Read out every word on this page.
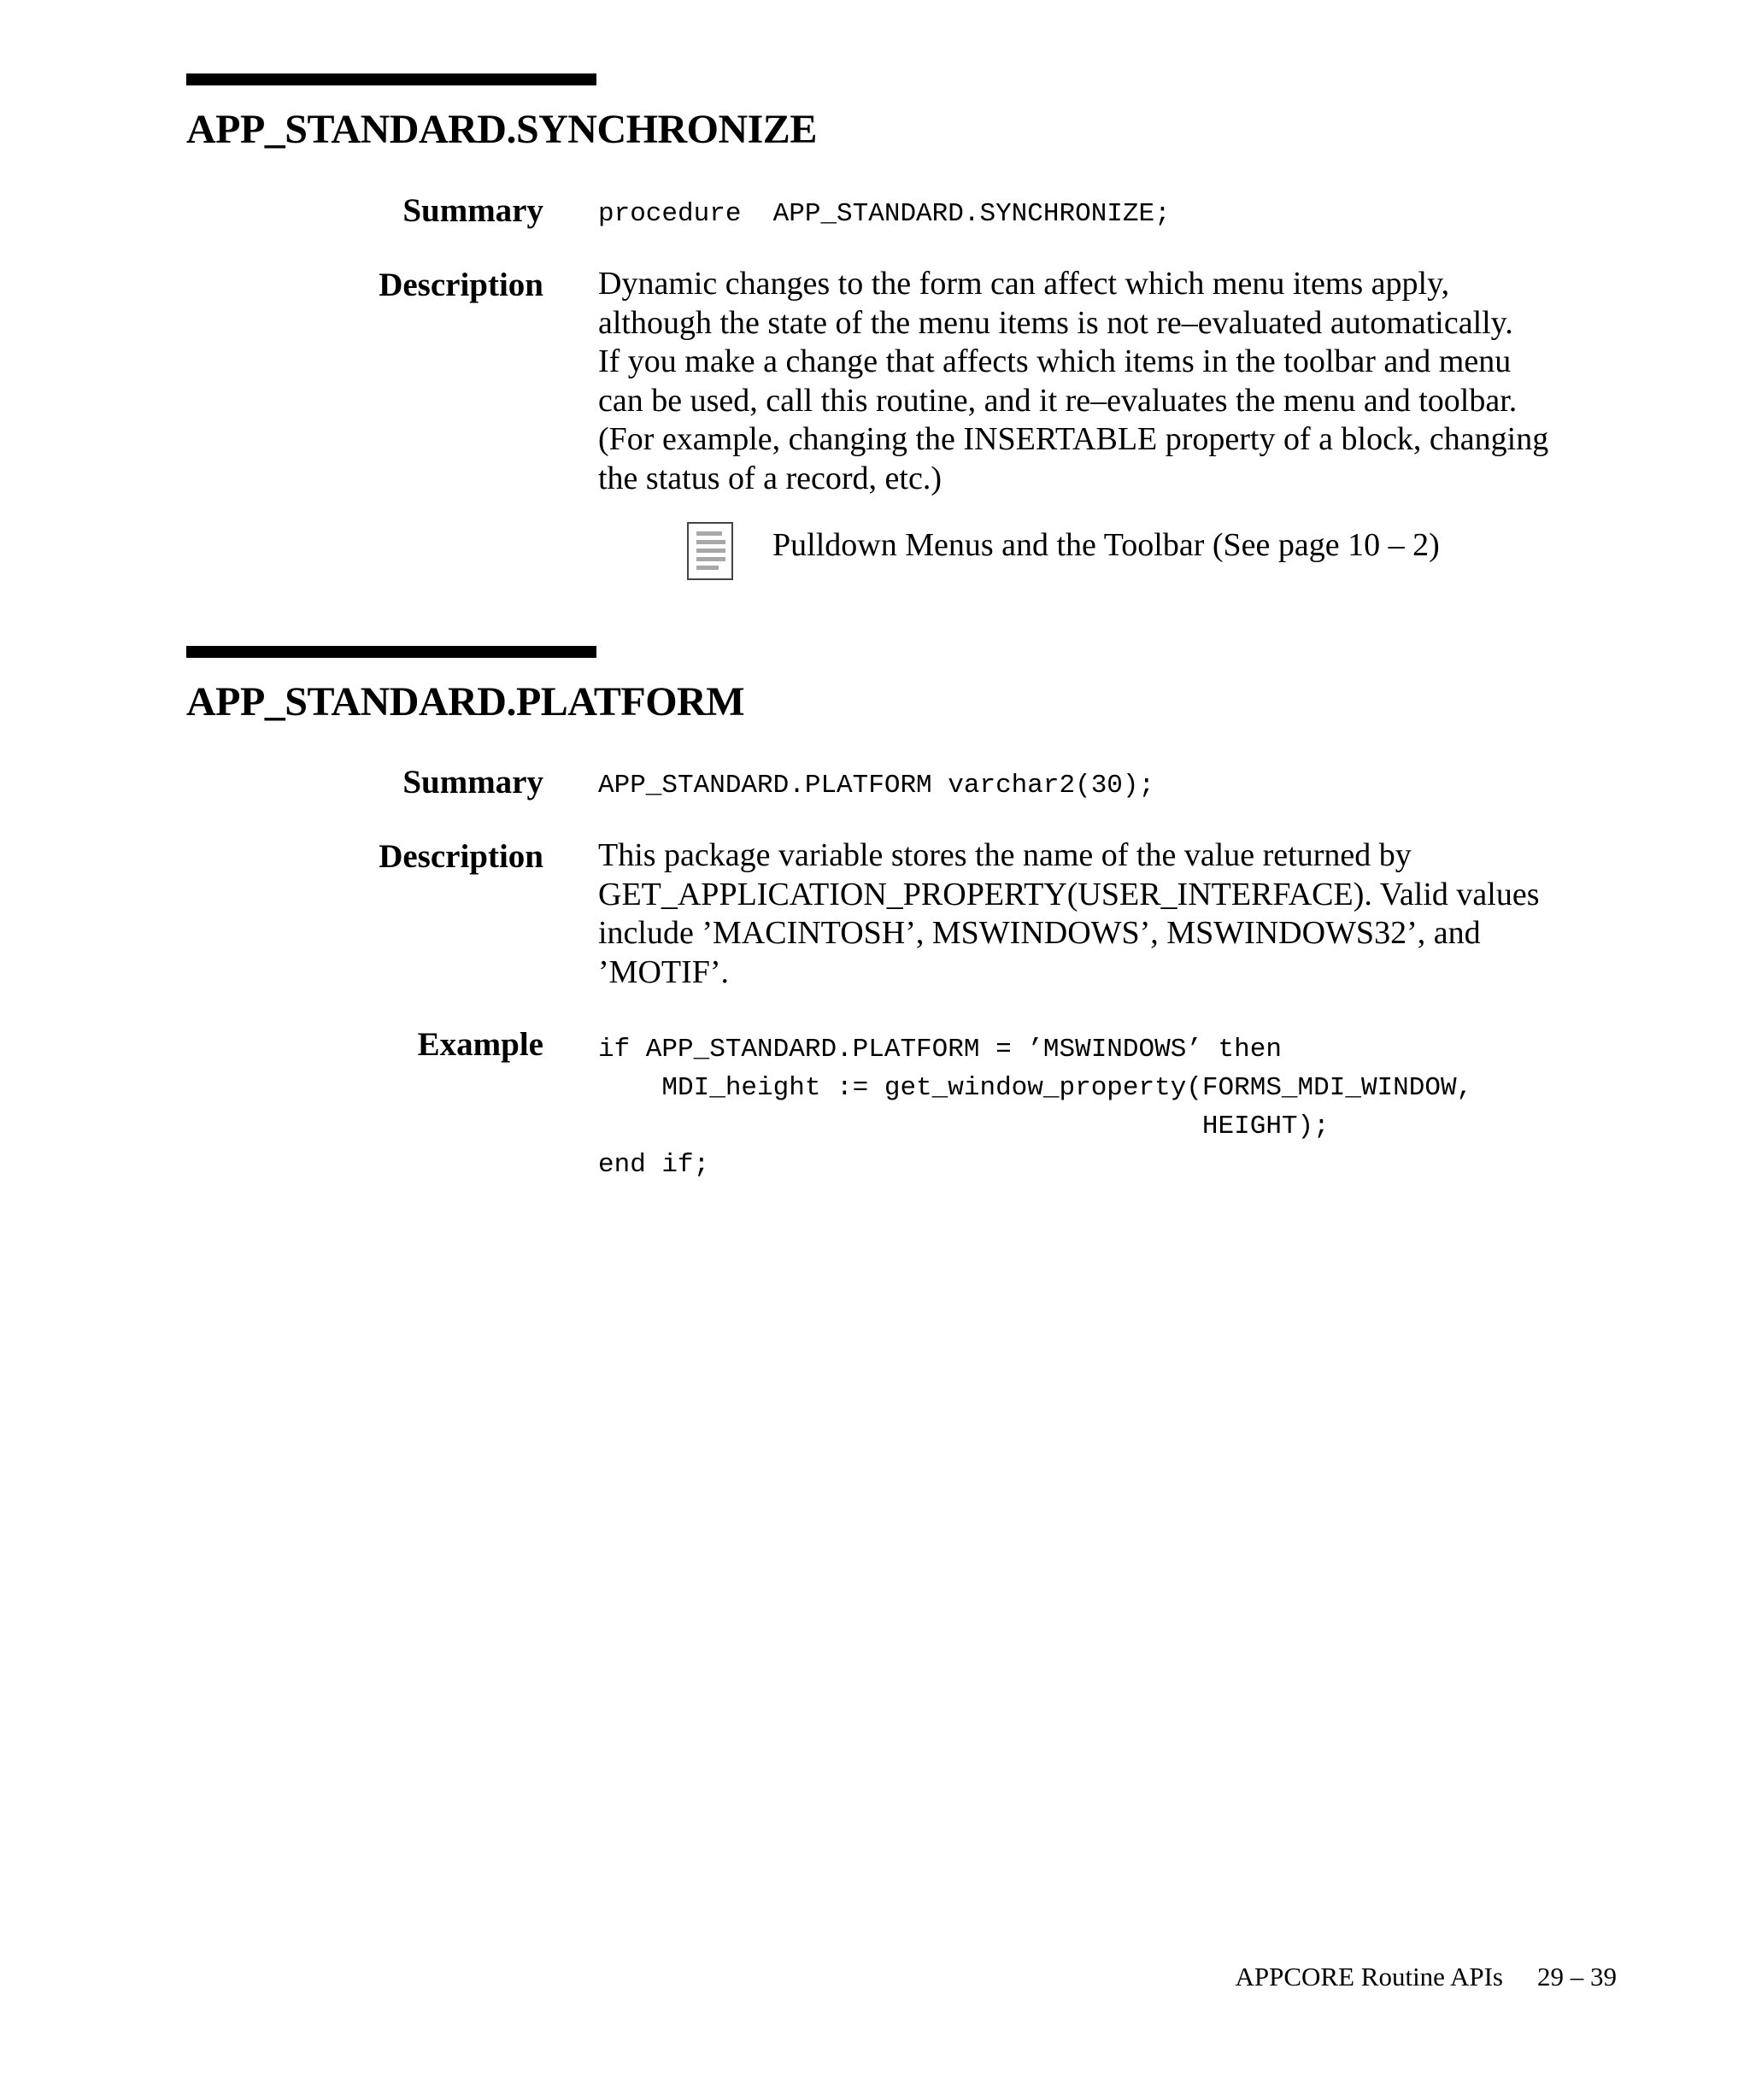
APP_STANDARD.SYNCHRONIZE
Summary procedure  APP_STANDARD.SYNCHRONIZE;
Description Dynamic changes to the form can affect which menu items apply,
although the state of the menu items is not re–evaluated automatically.
If you make a change that affects which items in the toolbar and menu
can be used, call this routine, and it re–evaluates the menu and toolbar.
(For example, changing the INSERTABLE property of a block, changing
the status of a record, etc.)
Pulldown Menus and the Toolbar (See page 10 – 2)
APP_STANDARD.PLATFORM
Summary APP_STANDARD.PLATFORM varchar2(30);
Description This package variable stores the name of the value returned by
GET_APPLICATION_PROPERTY(USER_INTERFACE). Valid values
include ’MACINTOSH’, MSWINDOWS’, MSWINDOWS32’, and
’MOTIF’.
Example if APP_STANDARD.PLATFORM = ’MSWINDOWS’ then
MDI_height := get_window_property(FORMS_MDI_WINDOW,
HEIGHT);
end if;
APPCORE Routine APIs 29 – 39
